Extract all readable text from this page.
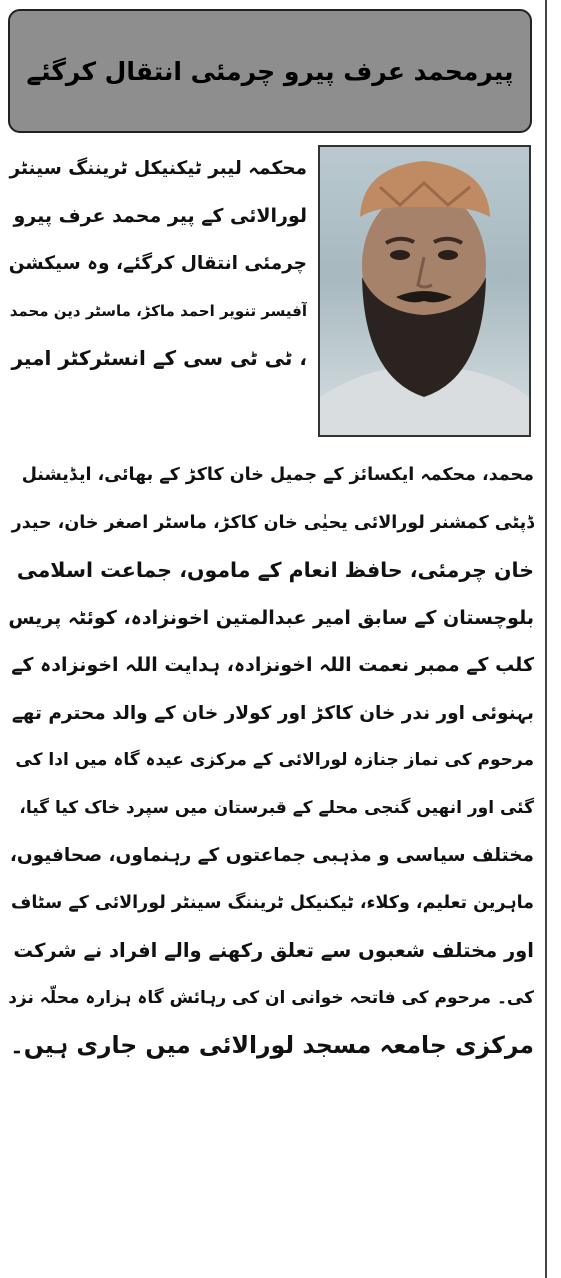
پیرمحمد عرف پیرو چرمئی انتقال کرگئے
محکمہ لیبر ٹیکنیکل ٹریننگ سینٹر
لورالائی کے پیر محمد عرف پیرو
چرمئی انتقال کرگئے، وہ سیکشن
آفیسر تنویر احمد ماکڑ، ماسٹر دین محمد
، ٹی ٹی سی کے انسٹرکٹر امیر
محمد، محکمہ ایکسائز کے جمیل خان کاکڑ کے بھائی، ایڈیشنل
ڈپٹی کمشنر لورالائی یحیٰی خان کاکڑ، ماسٹر اصغر خان، حیدر
خان چرمئی، حافظ انعام کے ماموں، جماعت اسلامی
بلوچستان کے سابق امیر عبدالمتین اخونزادہ، کوئٹہ پریس
کلب کے ممبر نعمت اللہ اخونزادہ، ہدایت اللہ اخونزادہ کے
بہنوئی اور ندر خان کاکڑ اور کولار خان کے والد محترم تھے
مرحوم کی نماز جنازہ لورالائی کے مرکزی عیدہ گاہ میں ادا کی
گئی اور انھیں گنجی محلے کے قبرستان میں سپرد خاک کیا گیا،
مختلف سیاسی و مذہبی جماعتوں کے رہنماوں، صحافیوں،
ماہرین تعلیم، وکلاء، ٹیکنیکل ٹریننگ سینٹر لورالائی کے سٹاف
اور مختلف شعبوں سے تعلق رکھنے والے افراد نے شرکت
کی۔ مرحوم کی فاتحہ خوانی ان کی رہائش گاہ ہزارہ محلّہ نزد
مرکزی جامعہ مسجد لورالائی میں جاری ہیں۔
